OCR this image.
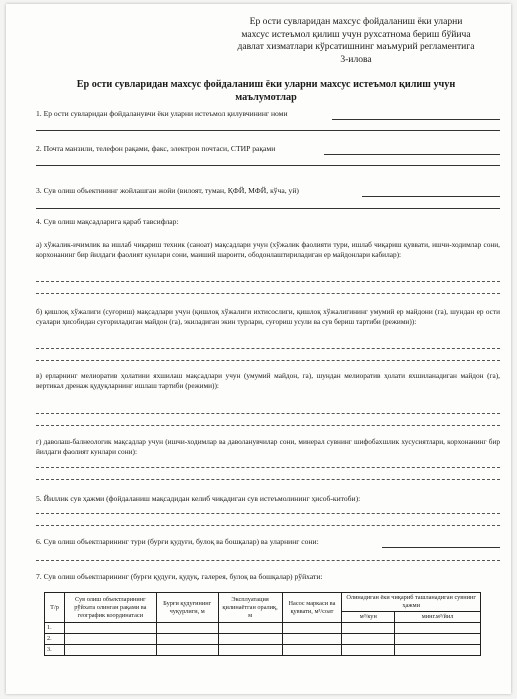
Ер ости сувларидан махсус фойдаланиш ёки уларни
махсус истеъмол қилиш учун рухсатнома бериш бўйича
давлат хизматлари кўрсатишнинг маъмурий регламентига
3-илова
Ер ости сувларидан махсус фойдаланиш ёки уларни махсус истеъмол қилиш учун
маълумотлар
1. Ер ости сувларидан фойдаланувчи ёки уларни истеъмол қилувчининг номи
2. Почта манзили, телефон рақами, факс, электрон почтаси, СТИР рақами
3. Сув олиш объектининг жойлашган жойи (вилоят, туман, ҚФЙ, МФЙ, кўча, уй)
4. Сув олиш мақсадларига қараб тавсифлар:
а) хўжалик-ичимлик ва ишлаб чиқариш техник (саноат) мақсадлари учун (хўжалик фаолияти тури, ишлаб чиқариш қуввати, ишчи-ходимлар сони, корхонанинг бир йилдаги фаолият кунлари сони, маиший шароити, ободонлаштириладиган ер майдонлари кабилар):
б) қишлоқ хўжалиги (суғориш) мақсадлари учун (қишлоқ хўжалиги ихтисослиги, қишлоқ хўжалигининг умумий ер майдони (га), шундан ер ости суалари ҳисобидан суғориладиган майдон (га), экиладиган экин турлари, суғориш усули ва сув бериш тартиби (режими)):
в) ерларнинг мелиоратив ҳолатини яхшилаш мақсадлари учун (умумий майдон, га), шундан мелиоратив ҳолати яхшиланадиган майдон (га), вертикал дренаж қудуқларнинг ишлаш тартиби (режими)):
г) даволаш-балнеологик мақсадлар учун (ишчи-ходимлар ва даволанувчилар сони, минерал сувнинг шифобахшлик хусусиятлари, корхонанинг бир йилдаги фаолият кунлари сони):
5. Йиллик сув ҳажми (фойдаланиш мақсадидан келиб чиқадиган сув истеъмолининг ҳисоб-китоби):
6. Сув олиш объектларининг тури (бурғи қудуғи, булоқ ва бошқалар) ва уларнинг сони:
7. Сув олиш объектларининг (бурғи қудуғи, қудуқ, галерея, булоқ ва бошқалар) рўйхати:
Т/р	Сув олиш объектларининг рўйхата олинган рақами ва географик координатаси	Бурғи қудуғининг чуқурлиги, м	Эксплуатация қилинаётган оралиқ, м	Насос маркаси ва қуввати, м³/соат	Олинадиган ёки чиқариб ташланадиган сувнинг ҳажми	
					м³/кун	минг.м³/йил
1.						
2.						
3.						
